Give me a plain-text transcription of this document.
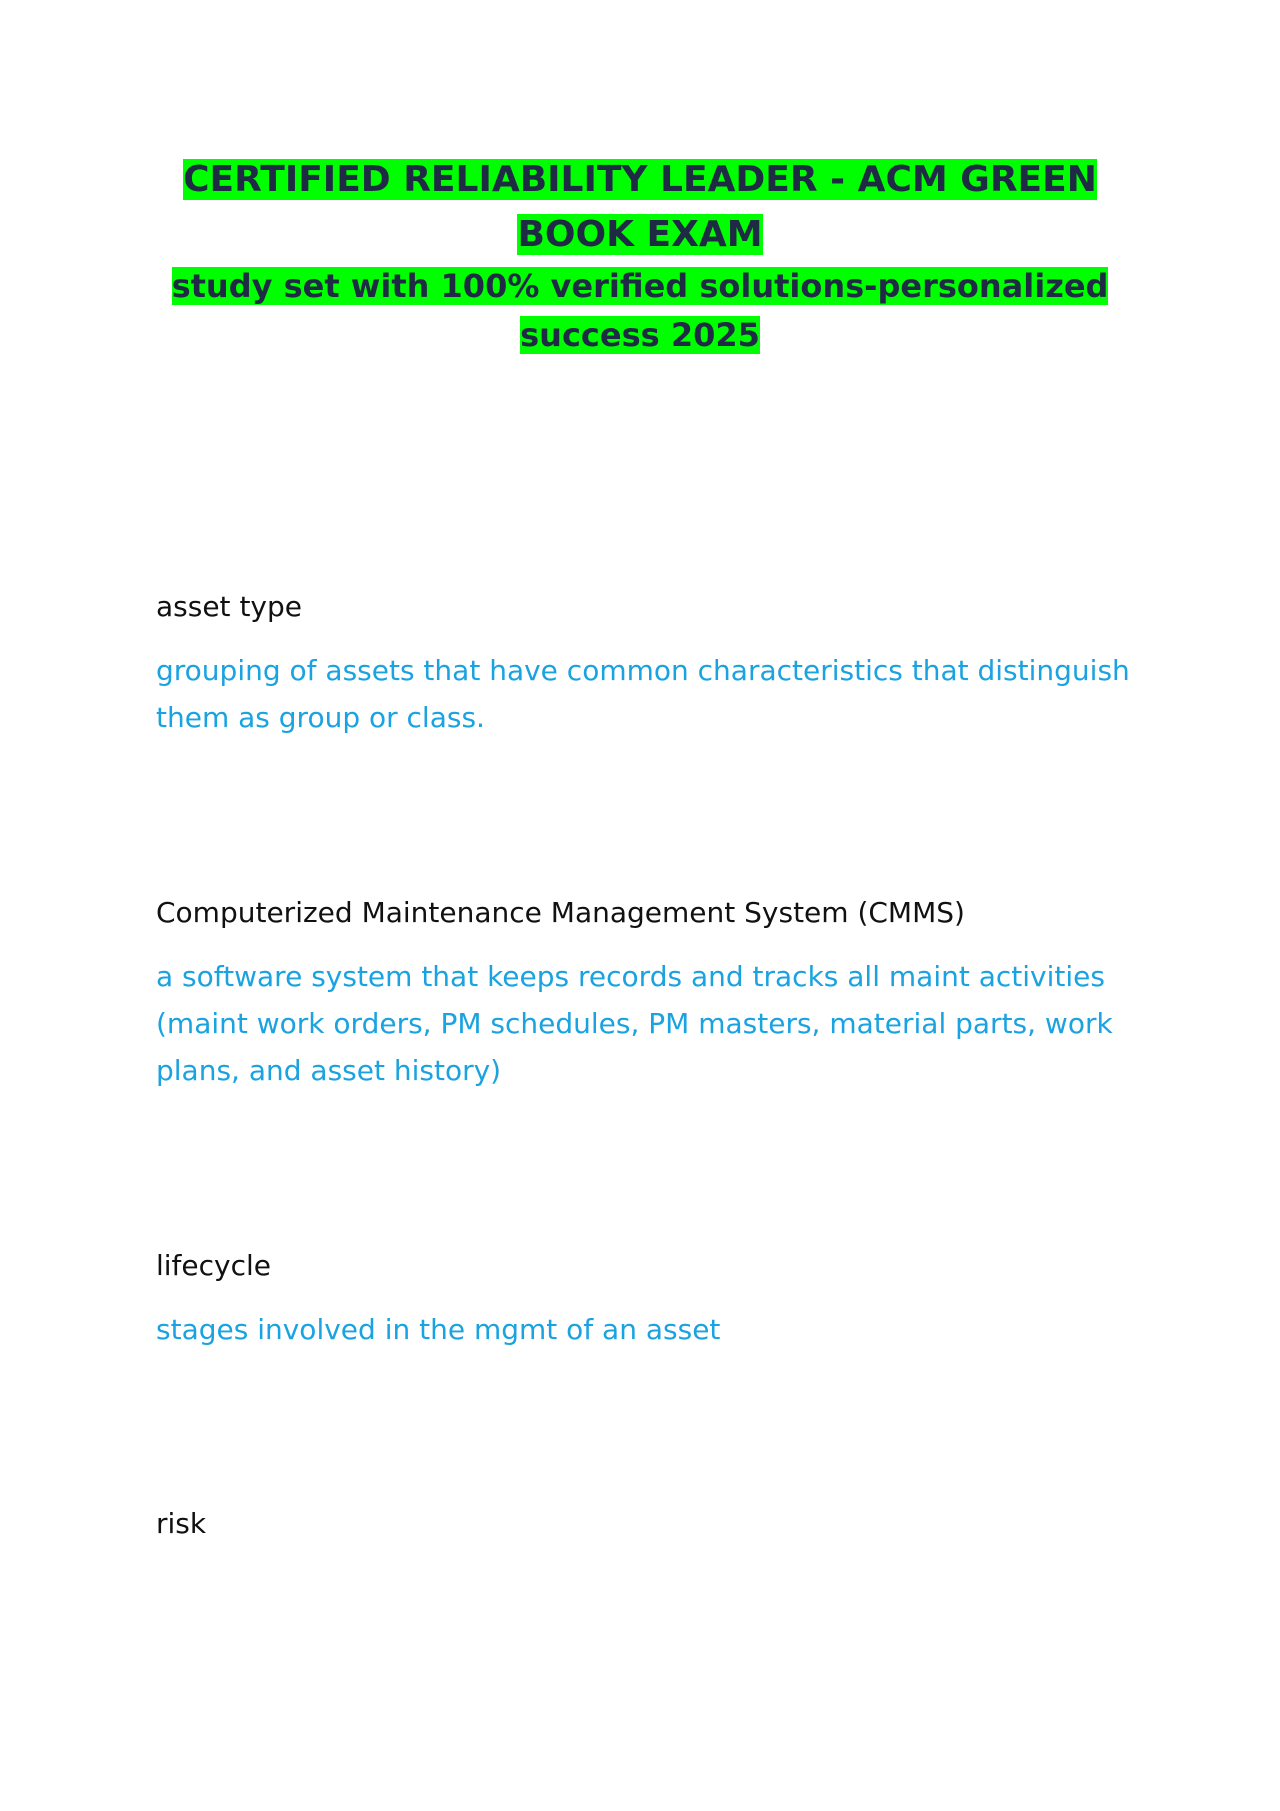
CERTIFIED RELIABILITY LEADER - ACM GREEN BOOK EXAM

study set with 100% verified solutions-personalized success 2025

asset type

grouping of assets that have common characteristics that distinguish them as group or class.

Computerized Maintenance Management System (CMMS)

a software system that keeps records and tracks all maint activities (maint work orders, PM schedules, PM masters, material parts, work plans, and asset history)

lifecycle

stages involved in the mgmt of an asset

risk
